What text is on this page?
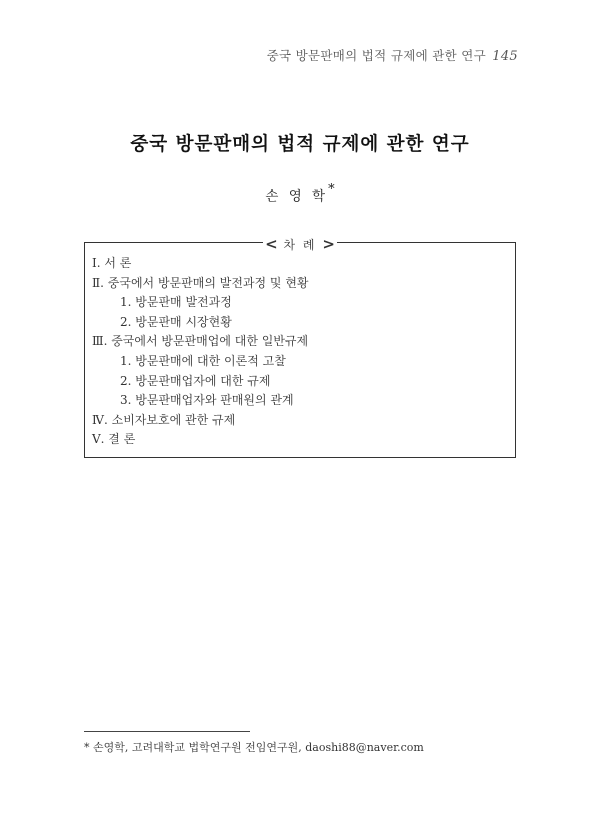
중국 방문판매의 법적 규제에 관한 연구 145
중국 방문판매의 법적 규제에 관한 연구
손 영 학*
< 차 례 >
Ⅰ. 서 론
Ⅱ. 중국에서 방문판매의 발전과정 및 현황
1. 방문판매 발전과정
2. 방문판매 시장현황
Ⅲ. 중국에서 방문판매업에 대한 일반규제
1. 방문판매에 대한 이론적 고찰
2. 방문판매업자에 대한 규제
3. 방문판매업자와 판매원의 관계
Ⅳ. 소비자보호에 관한 규제
Ⅴ. 결 론
* 손영학, 고려대학교 법학연구원 전임연구원, daoshi88@naver.com
